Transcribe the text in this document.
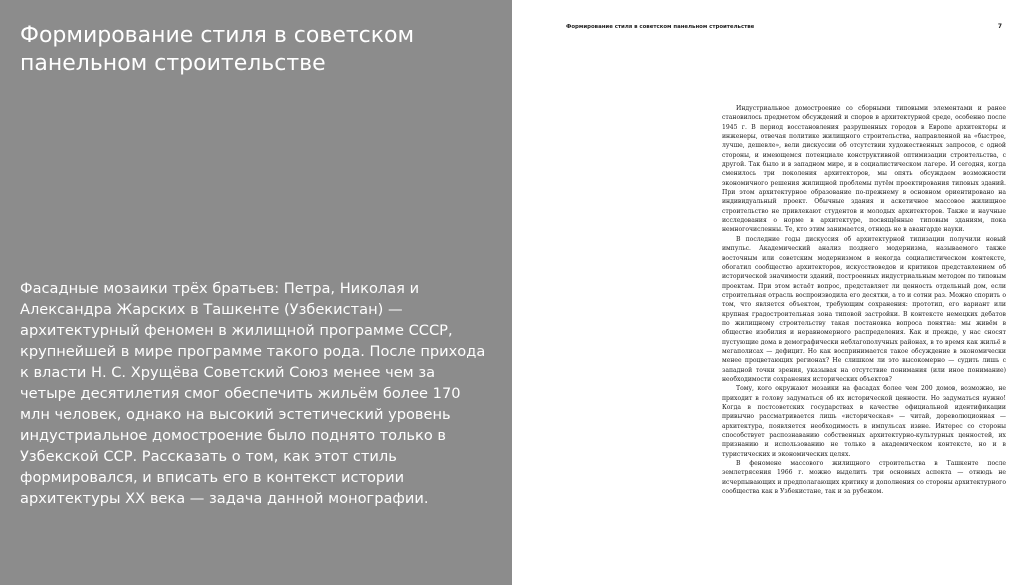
Формирование стиля в советском панельном строительстве

Фасадные мозаики трёх братьев: Петра, Николая и Александра Жарских в Ташкенте (Узбекистан) — архитектурный феномен в жилищной программе СССР, крупнейшей в мире программе такого рода. После прихода к власти Н. С. Хрущёва Советский Союз менее чем за четыре десятилетия смог обеспечить жильём более 170 млн человек, однако на высокий эстетический уровень индустриальное домостроение было поднято только в Узбекской ССР. Рассказать о том, как этот стиль формировался, и вписать его в контекст истории архитектуры XX века — задача данной монографии.

Формирование стиля в советском панельном строительстве	7

Индустриальное домостроение со сборными типовыми элементами и ранее становилось предметом обсуждений и споров в архитектурной среде, особенно после 1945 г. В период восстановления разрушенных городов в Европе архитекторы и инженеры, отвечая политике жилищного строительства, направленной на «быстрее, лучше, дешевле», вели дискуссии об отсутствии художественных запросов, с одной стороны, и имеющемся потенциале конструктивной оптимизации строительства, с другой. Так было и в западном мире, и в социалистическом лагере. И сегодня, когда сменилось три поколения архитекторов, мы опять обсуждаем возможности экономичного решения жилищной проблемы путём проектирования типовых зданий. При этом архитектурное образование по-прежнему в основном ориентировано на индивидуальный проект. Обычные здания и аскетичное массовое жилищное строительство не привлекают студентов и молодых архитекторов. Также и научные исследования о норме в архитектуре, посвящённые типовым зданиям, пока немногочисленны. Те, кто этим занимается, отнюдь не в авангарде науки.

В последние годы дискуссия об архитектурной типизации получили новый импульс. Академический анализ позднего модернизма, называемого также восточным или советским модернизмом в некогда социалистическом контексте, обогатил сообщество архитекторов, искусствоведов и критиков представлением об исторической значимости зданий, построенных индустриальным методом по типовым проектам. При этом встаёт вопрос, представляет ли ценность отдельный дом, если строительная отрасль воспроизводила его десятки, а то и сотни раз. Можно спорить о том, что является объектом, требующим сохранения: прототип, его вариант или крупная градостроительная зона типовой застройки. В контексте немецких дебатов по жилищному строительству такая постановка вопроса понятна: мы живём в обществе изобилия и неравномерного распределения. Как и прежде, у нас сносят пустующие дома в демографически неблагополучных районах, в то время как жильё в мегаполисах — дефицит. Но как воспринимается такое обсуждение в экономически менее процветающих регионах? Не слишком ли это высокомерно — судить лишь с западной точки зрения, указывая на отсутствие понимания (или иное понимание) необходимости сохранения исторических объектов?

Тому, кого окружают мозаики на фасадах более чем 200 домов, возможно, не приходит в голову задуматься об их исторической ценности. Но задуматься нужно! Когда в постсоветских государствах в качестве официальной идентификации привычно рассматривается лишь «историческая» — читай, дореволюционная — архитектура, появляется необходимость в импульсах извне. Интерес со стороны способствует распознаванию собственных архитектурно-культурных ценностей, их признанию и использованию не только в академическом контексте, но и в туристических и экономических целях.

В феномене массового жилищного строительства в Ташкенте после землетрясения 1966 г. можно выделить три основных аспекта — отнюдь не исчерпывающих и предполагающих критику и дополнения со стороны архитектурного сообщества как в Узбекистане, так и за рубежом.
